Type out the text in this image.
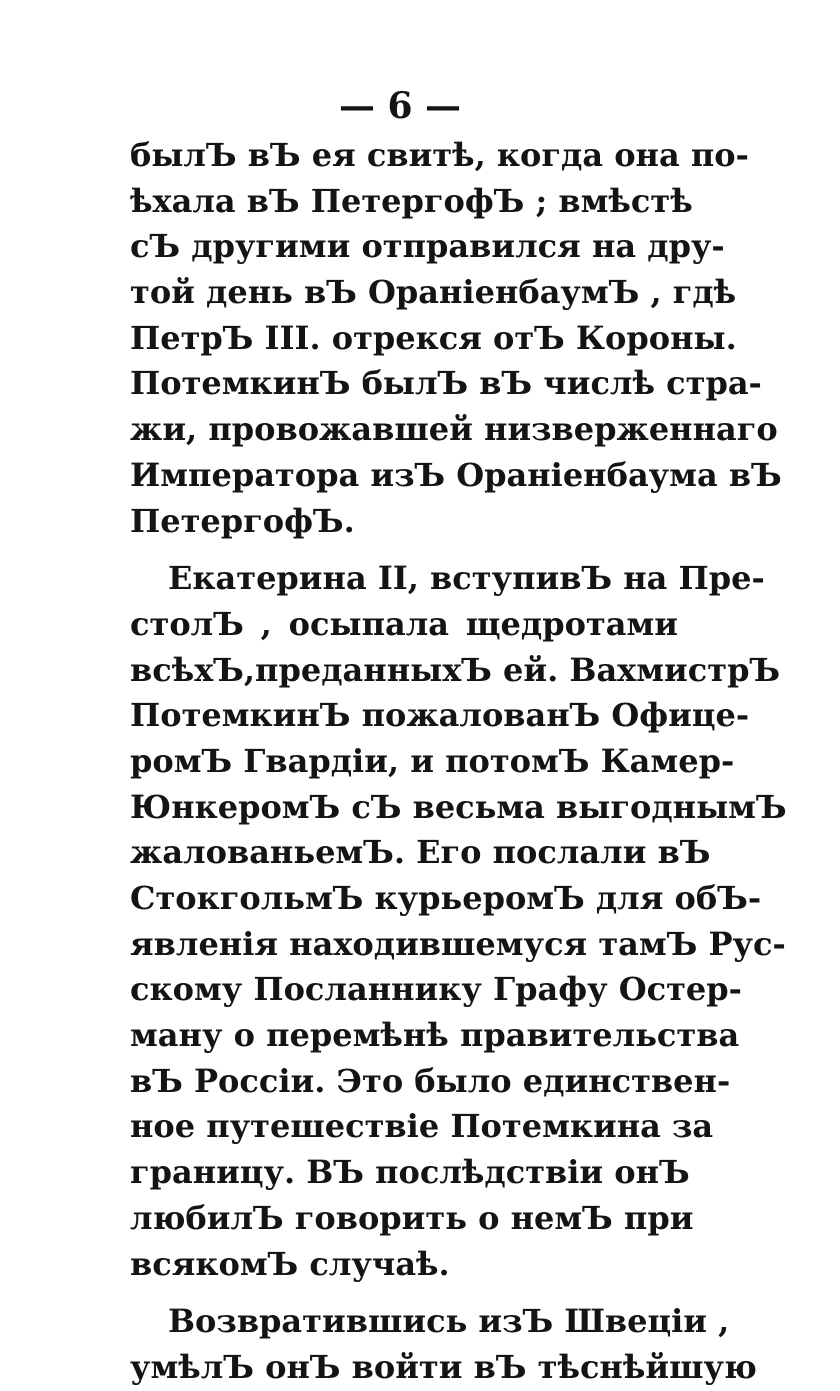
— 6 —
былЪ вЪ ея свитѣ, когда она по-
ѣхала вЪ ПетергофЪ ; вмѣстѣ
сЪ другими отправился на дру-
той день вЪ ОраніенбаумЪ , гдѣ
ПетрЪ III. отрекся отЪ Короны.
ПотемкинЪ былЪ вЪ числѣ стра-
жи, провожавшей низверженнаго
Императора изЪ Ораніенбаума вЪ
ПетергофЪ.
Екатерина II, вступивЪ на Пре-
столЪ , осыпала щедротами
всѣхЪ,преданныхЪ ей. ВахмистрЪ
ПотемкинЪ пожалованЪ Офице-
ромЪ Гвардіи, и потомЪ Камер-
ЮнкеромЪ сЪ весьма выгоднымЪ
жалованьемЪ. Его послали вЪ
СтокгольмЪ курьеромЪ для обЪ-
явленія находившемуся тамЪ Рус-
скому Посланнику Графу Остер-
ману о перемѣнѣ правительства
вЪ Россіи. Это было единствен-
ное путешествіе Потемкина за
границу. ВЪ послѣдствіи онЪ
любилЪ говорить о немЪ при
всякомЪ случаѣ.
Возвратившись изЪ Швеціи ,
умѣлЪ онЪ войти вЪ тѣснѣйшую
